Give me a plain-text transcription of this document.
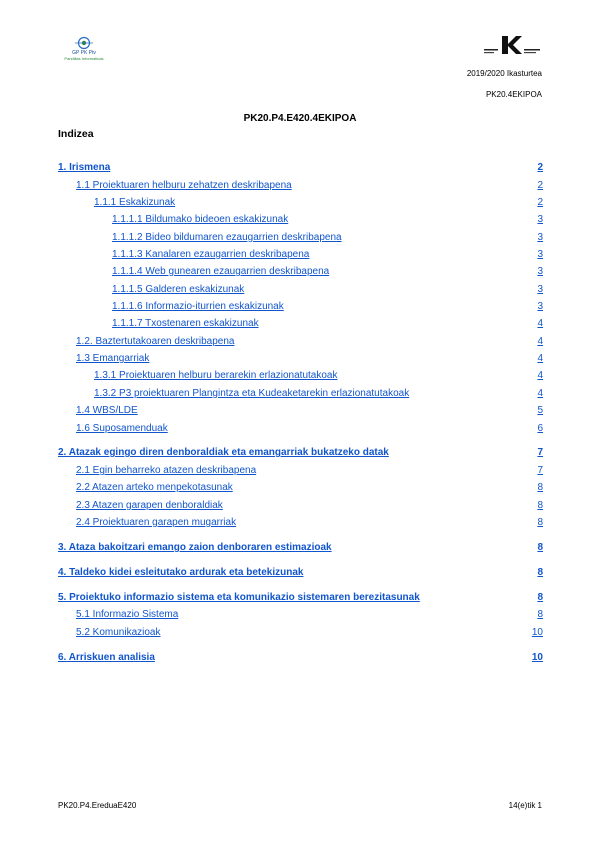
GP PK Ptv
Pandillas Informaticas
2019/2020 Ikasturtea
PK20.4EKIPOA
PK20.P4.E420.4EKIPOA
Indizea
1. Irismena	2
1.1 Proiektuaren helburu zehatzen deskribapena	2
1.1.1 Eskakizunak	2
1.1.1.1 Bildumako bideoen eskakizunak	3
1.1.1.2 Bideo bildumaren ezaugarrien deskribapena	3
1.1.1.3 Kanalaren ezaugarrien deskribapena	3
1.1.1.4 Web gunearen ezaugarrien deskribapena	3
1.1.1.5 Galderen eskakizunak	3
1.1.1.6 Informazio-iturrien eskakizunak	3
1.1.1.7 Txostenaren eskakizunak	4
1.2. Baztertutakoaren deskribapena	4
1.3 Emangarriak	4
1.3.1 Proiektuaren helburu berarekin erlazionatutakoak	4
1.3.2 P3 proiektuaren Plangintza eta Kudeaketarekin erlazionatutakoak	4
1.4 WBS/LDE	5
1.6 Suposamenduak	6
2. Atazak egingo diren denboraldiak eta emangarriak bukatzeko datak	7
2.1 Egin beharreko atazen deskribapena	7
2.2 Atazen arteko menpekotasunak	8
2.3 Atazen garapen denboraldiak	8
2.4 Proiektuaren garapen mugarriak	8
3. Ataza bakoitzari emango zaion denboraren estimazioak	8
4. Taldeko kidei esleitutako ardurak eta betekizunak	8
5. Proiektuko informazio sistema eta komunikazio sistemaren berezitasunak	8
5.1 Informazio Sistema	8
5.2 Komunikazioak	10
6. Arriskuen analisia	10
PK20.P4.EreduaE420	14(e)tik 1
